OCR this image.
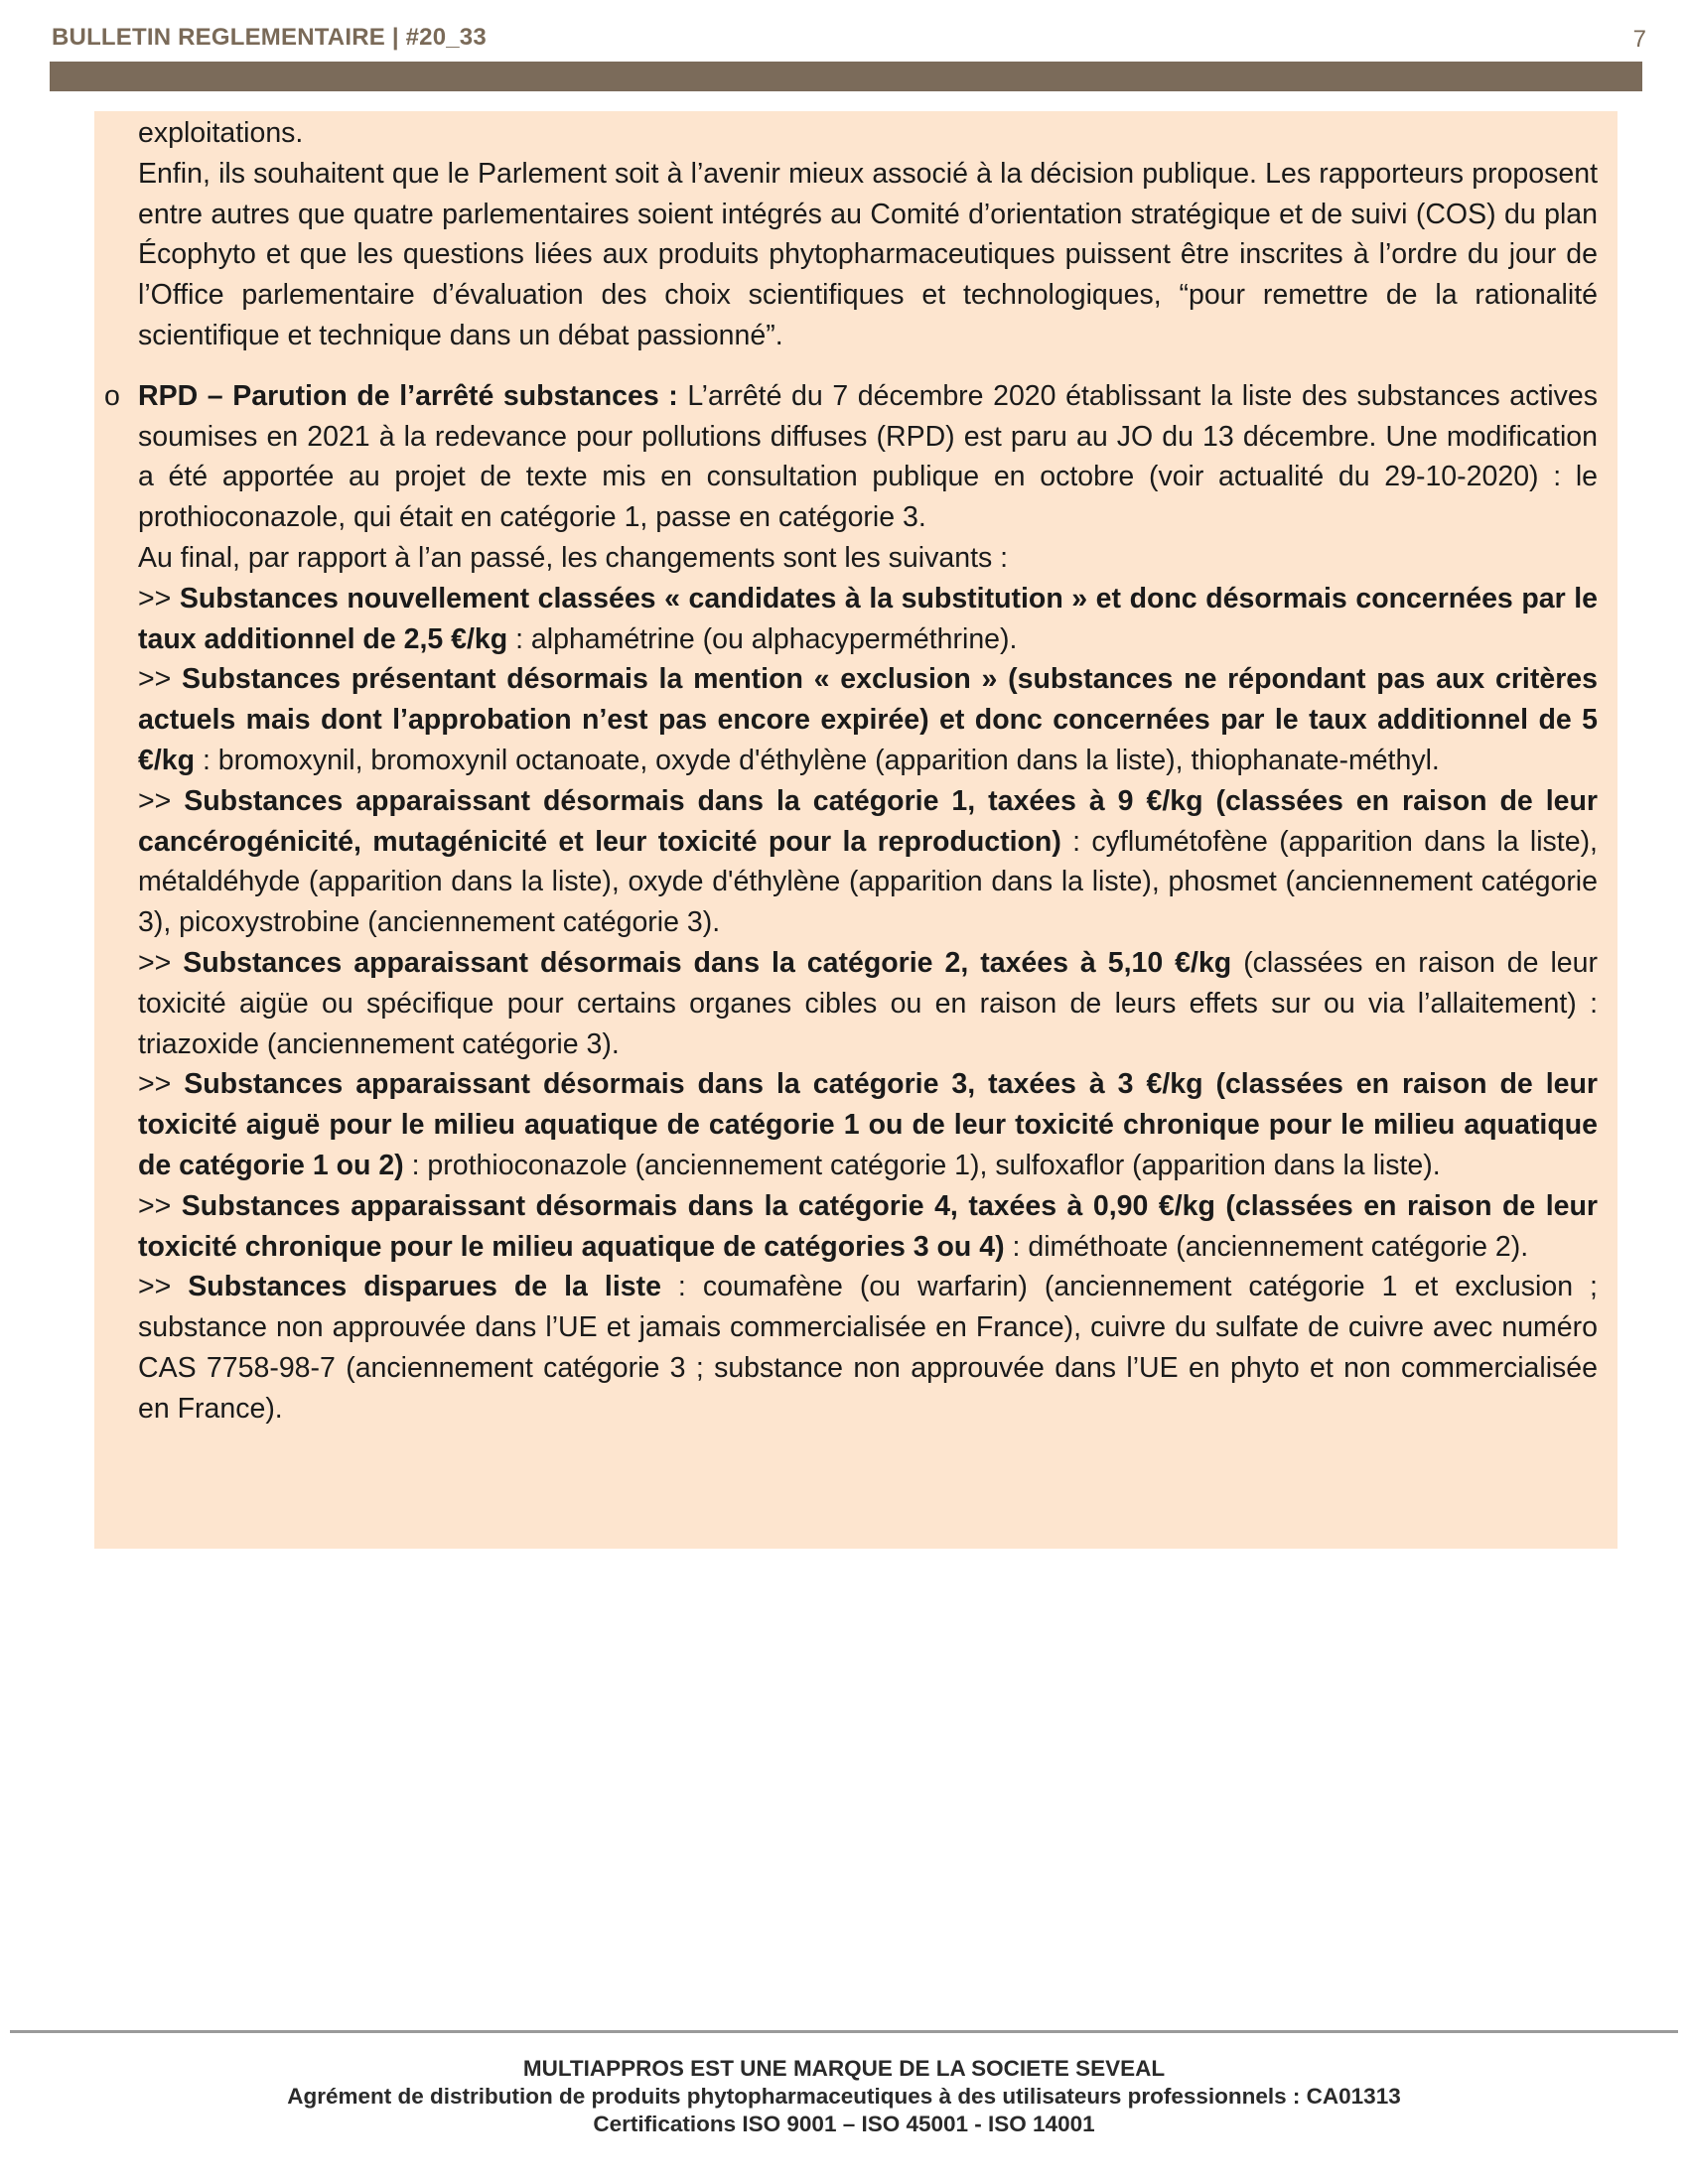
BULLETIN REGLEMENTAIRE | #20_33	7

exploitations.

Enfin, ils souhaitent que le Parlement soit à l’avenir mieux associé à la décision publique. Les rapporteurs proposent entre autres que quatre parlementaires soient intégrés au Comité d’orientation stratégique et de suivi (COS) du plan Écophyto et que les questions liées aux produits phytopharmaceutiques puissent être inscrites à l’ordre du jour de l’Office parlementaire d’évaluation des choix scientifiques et technologiques, “pour remettre de la rationalité scientifique et technique dans un débat passionné”.

o RPD – Parution de l’arrêté substances : L’arrêté du 7 décembre 2020 établissant la liste des substances actives soumises en 2021 à la redevance pour pollutions diffuses (RPD) est paru au JO du 13 décembre. Une modification a été apportée au projet de texte mis en consultation publique en octobre (voir actualité du 29-10-2020) : le prothioconazole, qui était en catégorie 1, passe en catégorie 3.

Au final, par rapport à l’an passé, les changements sont les suivants :

>> Substances nouvellement classées « candidates à la substitution » et donc désormais concernées par le taux additionnel de 2,5 €/kg : alphamétrine (ou alphacyperméthrine).

>> Substances présentant désormais la mention « exclusion » (substances ne répondant pas aux critères actuels mais dont l’approbation n’est pas encore expirée) et donc concernées par le taux additionnel de 5 €/kg : bromoxynil, bromoxynil octanoate, oxyde d'éthylène (apparition dans la liste), thiophanate-méthyl.

>> Substances apparaissant désormais dans la catégorie 1, taxées à 9 €/kg (classées en raison de leur cancérogénicité, mutagénicité et leur toxicité pour la reproduction) : cyflumétofène (apparition dans la liste), métaldéhyde (apparition dans la liste), oxyde d'éthylène (apparition dans la liste), phosmet (anciennement catégorie 3), picoxystrobine (anciennement catégorie 3).

>> Substances apparaissant désormais dans la catégorie 2, taxées à 5,10 €/kg (classées en raison de leur toxicité aigüe ou spécifique pour certains organes cibles ou en raison de leurs effets sur ou via l’allaitement) : triazoxide (anciennement catégorie 3).

>> Substances apparaissant désormais dans la catégorie 3, taxées à 3 €/kg (classées en raison de leur toxicité aiguë pour le milieu aquatique de catégorie 1 ou de leur toxicité chronique pour le milieu aquatique de catégorie 1 ou 2) : prothioconazole (anciennement catégorie 1), sulfoxaflor (apparition dans la liste).

>> Substances apparaissant désormais dans la catégorie 4, taxées à 0,90 €/kg (classées en raison de leur toxicité chronique pour le milieu aquatique de catégories 3 ou 4) : diméthoate (anciennement catégorie 2).

>> Substances disparues de la liste : coumafène (ou warfarin) (anciennement catégorie 1 et exclusion ; substance non approuvée dans l’UE et jamais commercialisée en France), cuivre du sulfate de cuivre avec numéro CAS 7758-98-7 (anciennement catégorie 3 ; substance non approuvée dans l’UE en phyto et non commercialisée en France).

MULTIAPPROS EST UNE MARQUE DE LA SOCIETE SEVEAL
Agrément de distribution de produits phytopharmaceutiques à des utilisateurs professionnels : CA01313
Certifications ISO 9001 – ISO 45001 - ISO 14001
